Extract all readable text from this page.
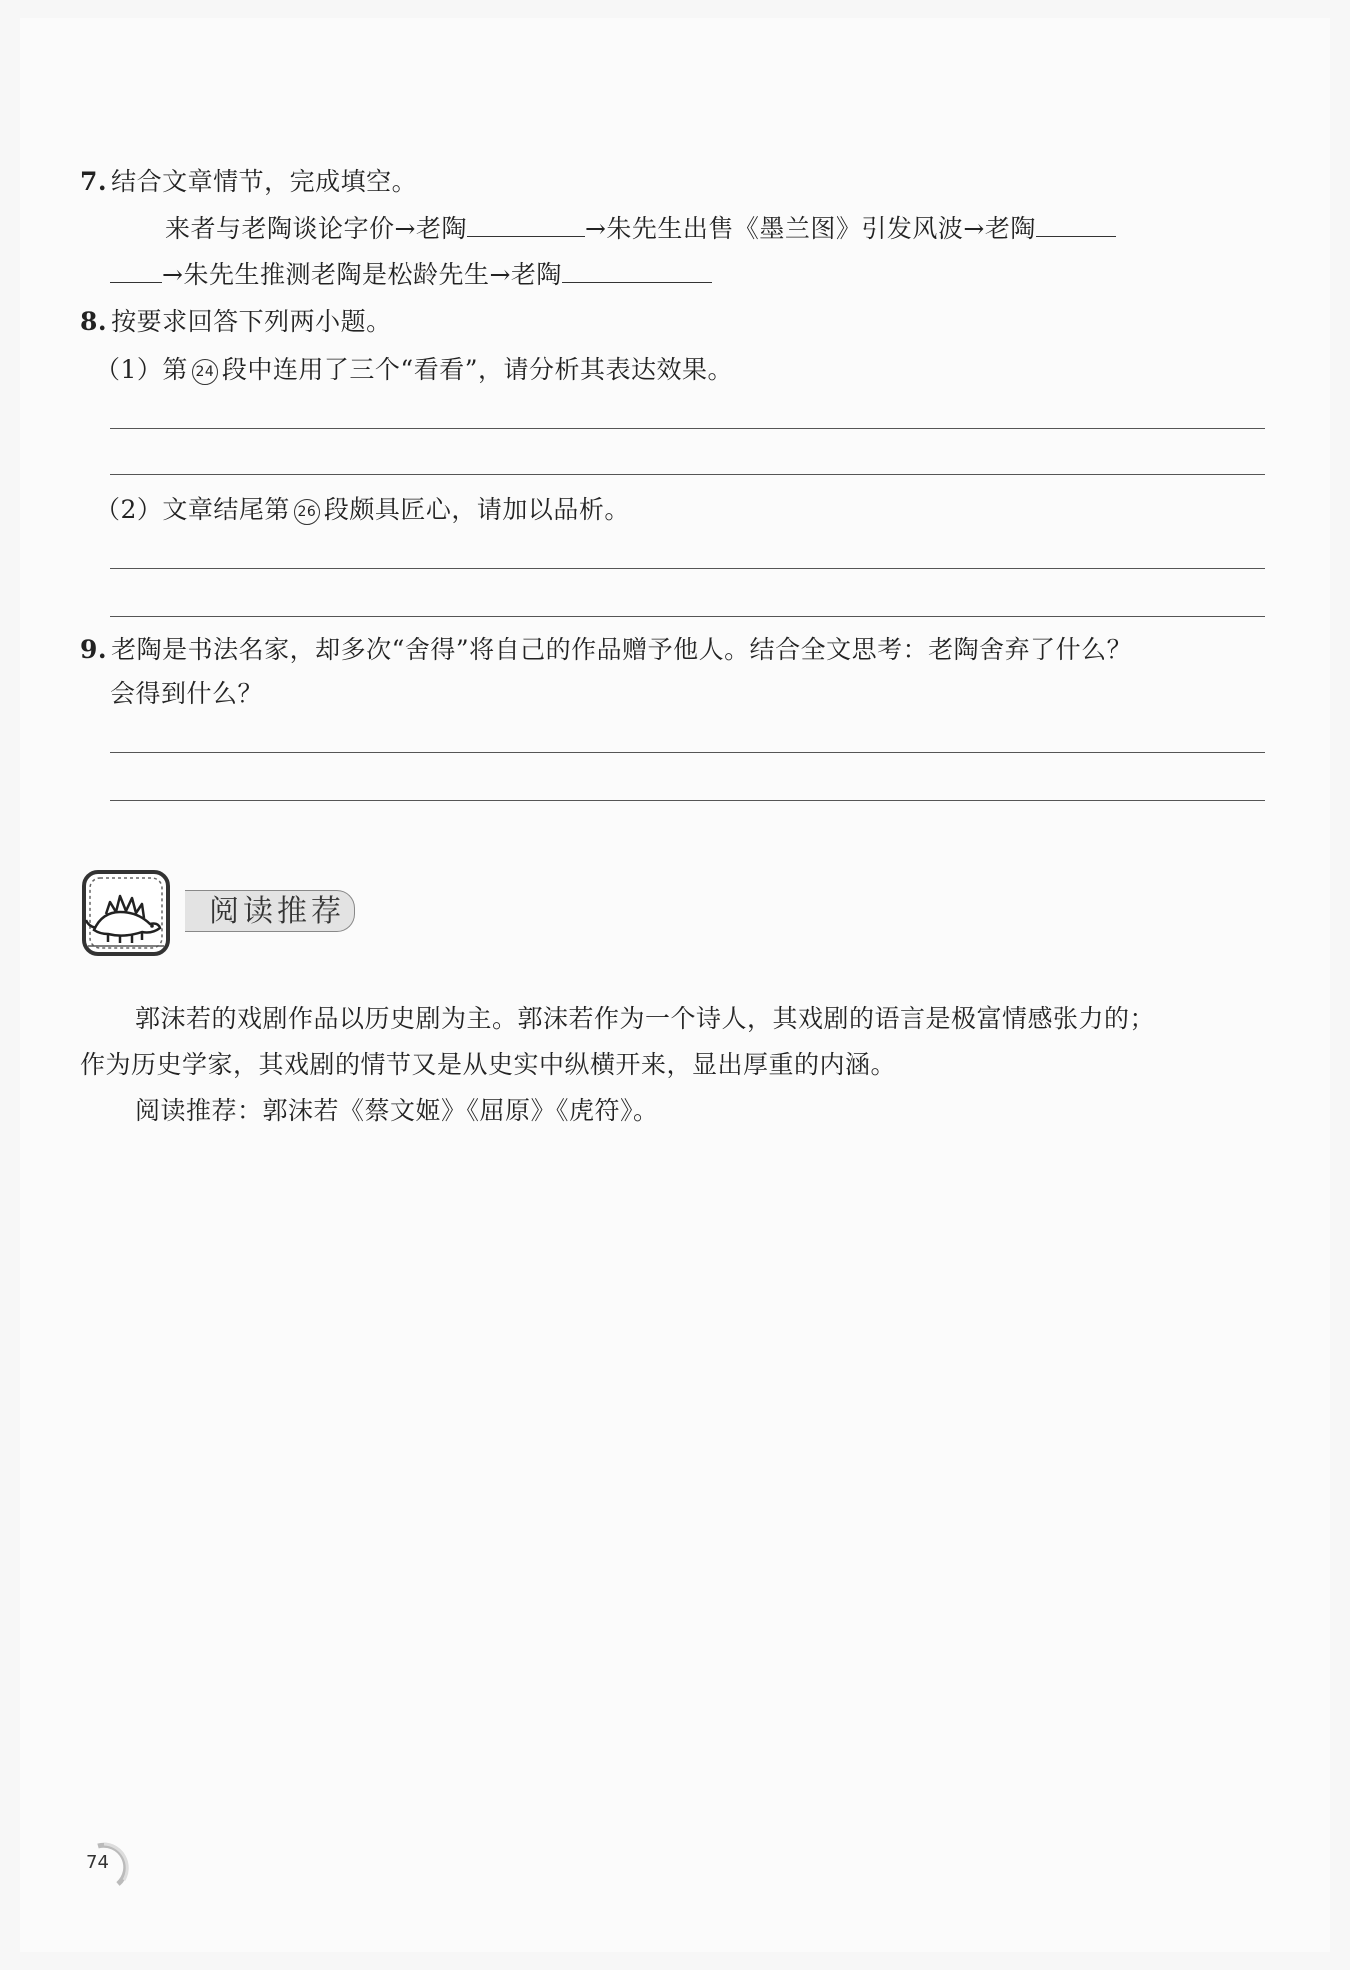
7. 结合文章情节，完成填空。
来者与老陶谈论字价→老陶	→朱先生出售《墨兰图》引发风波→老陶
→朱先生推测老陶是松龄先生→老陶
8. 按要求回答下列两小题。
（1）第 24 段中连用了三个“看看”，请分析其表达效果。
（2）文章结尾第 26 段颇具匠心，请加以品析。
9. 老陶是书法名家，却多次“舍得”将自己的作品赠予他人。结合全文思考：老陶舍弃了什么？
会得到什么？
阅读推荐
郭沫若的戏剧作品以历史剧为主。郭沫若作为一个诗人，其戏剧的语言是极富情感张力的；
作为历史学家，其戏剧的情节又是从史实中纵横开来，显出厚重的内涵。
阅读推荐：郭沫若《蔡文姬》《屈原》《虎符》。
74
